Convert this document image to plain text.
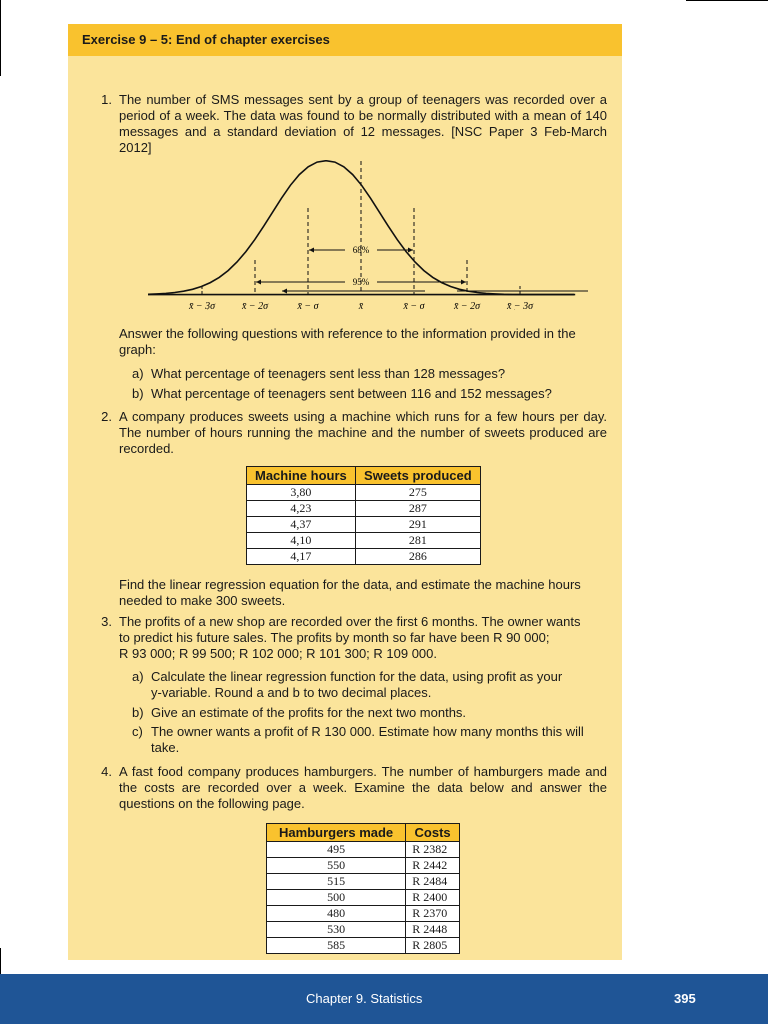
Exercise 9 – 5: End of chapter exercises
1. The number of SMS messages sent by a group of teenagers was recorded over a period of a week. The data was found to be normally distributed with a mean of 140 messages and a standard deviation of 12 messages. [NSC Paper 3 Feb-March 2012]
68%
95%
x̄ − 3σ	x̄ − 2σ	x̄ − σ	x̄	x̄ − σ	x̄ − 2σ	x̄ − 3σ
Answer the following questions with reference to the information provided in the graph:
a) What percentage of teenagers sent less than 128 messages?
b) What percentage of teenagers sent between 116 and 152 messages?
2. A company produces sweets using a machine which runs for a few hours per day. The number of hours running the machine and the number of sweets produced are recorded.
Machine hours	Sweets produced
3,80	275
4,23	287
4,37	291
4,10	281
4,17	286
Find the linear regression equation for the data, and estimate the machine hours needed to make 300 sweets.
3. The profits of a new shop are recorded over the first 6 months. The owner wants
to predict his future sales. The profits by month so far have been R 90 000;
R 93 000; R 99 500; R 102 000; R 101 300; R 109 000.
a) Calculate the linear regression function for the data, using profit as your
y-variable. Round a and b to two decimal places.
b) Give an estimate of the profits for the next two months.
c) The owner wants a profit of R 130 000. Estimate how many months this will
take.
4. A fast food company produces hamburgers. The number of hamburgers made and the costs are recorded over a week. Examine the data below and answer the questions on the following page.
Hamburgers made	Costs
495	R 2382
550	R 2442
515	R 2484
500	R 2400
480	R 2370
530	R 2448
585	R 2805
Chapter 9. Statistics	395
